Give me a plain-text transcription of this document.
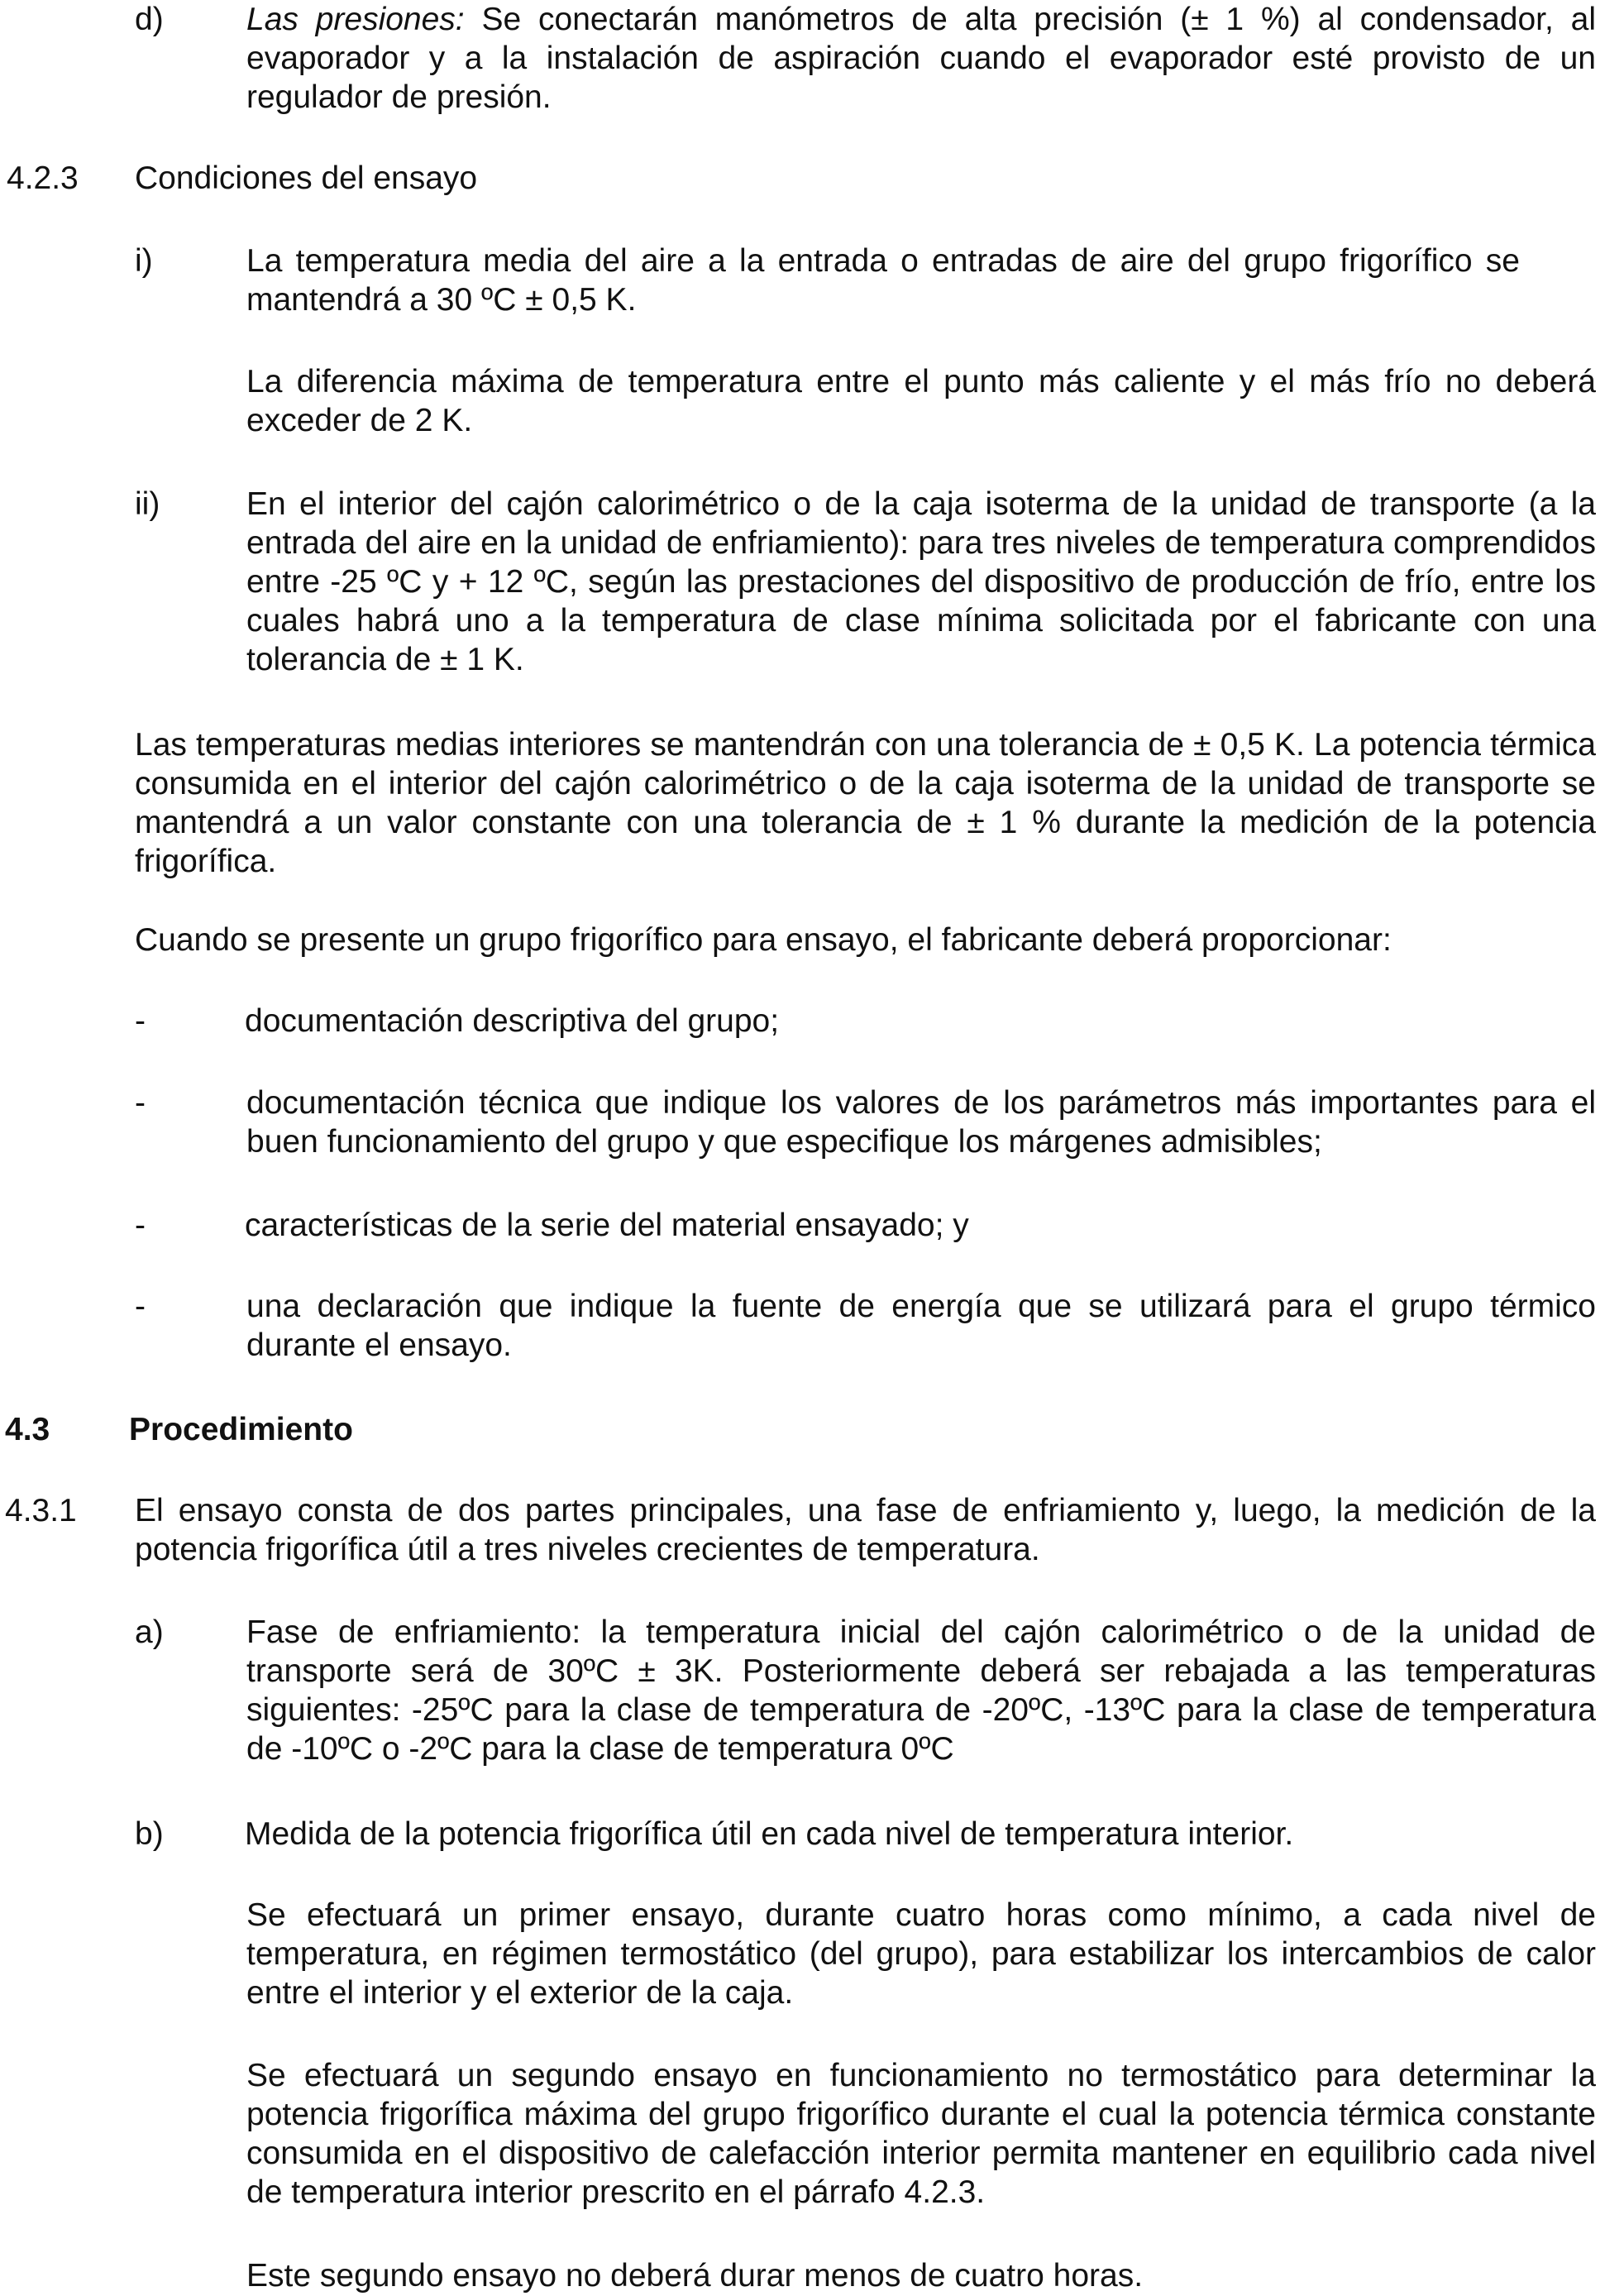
d)	Las presiones: Se conectarán manómetros de alta precisión (± 1 %) al condensador, al evaporador y a la instalación de aspiración cuando el evaporador esté provisto de un regulador de presión.
4.2.3 Condiciones del ensayo
i)	La temperatura media del aire a la entrada o entradas de aire del grupo frigorífico se mantendrá a 30 ºC ± 0,5 K.
La diferencia máxima de temperatura entre el punto más caliente y el más frío no deberá exceder de 2 K.
ii)	En el interior del cajón calorimétrico o de la caja isoterma de la unidad de transporte (a la entrada del aire en la unidad de enfriamiento): para tres niveles de temperatura comprendidos entre -25 ºC y + 12 ºC, según las prestaciones del dispositivo de producción de frío, entre los cuales habrá uno a la temperatura de clase mínima solicitada por el fabricante con una tolerancia de ± 1 K.
Las temperaturas medias interiores se mantendrán con una tolerancia de ± 0,5 K. La potencia térmica consumida en el interior del cajón calorimétrico o de la caja isoterma de la unidad de transporte se mantendrá a un valor constante con una tolerancia de ± 1 % durante la medición de la potencia frigorífica.
Cuando se presente un grupo frigorífico para ensayo, el fabricante deberá proporcionar:
-	documentación descriptiva del grupo;
-	documentación técnica que indique los valores de los parámetros más importantes para el buen funcionamiento del grupo y que especifique los márgenes admisibles;
-	características de la serie del material ensayado; y
-	una declaración que indique la fuente de energía que se utilizará para el grupo térmico durante el ensayo.
4.3 Procedimiento
4.3.1 El ensayo consta de dos partes principales, una fase de enfriamiento y, luego, la medición de la potencia frigorífica útil a tres niveles crecientes de temperatura.
a)	Fase de enfriamiento: la temperatura inicial del cajón calorimétrico o de la unidad de transporte será de 30ºC ± 3K. Posteriormente deberá ser rebajada a las temperaturas siguientes: -25ºC para la clase de temperatura de -20ºC, -13ºC para la clase de temperatura de -10ºC o -2ºC para la clase de temperatura 0ºC
b)	Medida de la potencia frigorífica útil en cada nivel de temperatura interior.
Se efectuará un primer ensayo, durante cuatro horas como mínimo, a cada nivel de temperatura, en régimen termostático (del grupo), para estabilizar los intercambios de calor entre el interior y el exterior de la caja.
Se efectuará un segundo ensayo en funcionamiento no termostático para determinar la potencia frigorífica máxima del grupo frigorífico durante el cual la potencia térmica constante consumida en el dispositivo de calefacción interior permita mantener en equilibrio cada nivel de temperatura interior prescrito en el párrafo 4.2.3.
Este segundo ensayo no deberá durar menos de cuatro horas.
